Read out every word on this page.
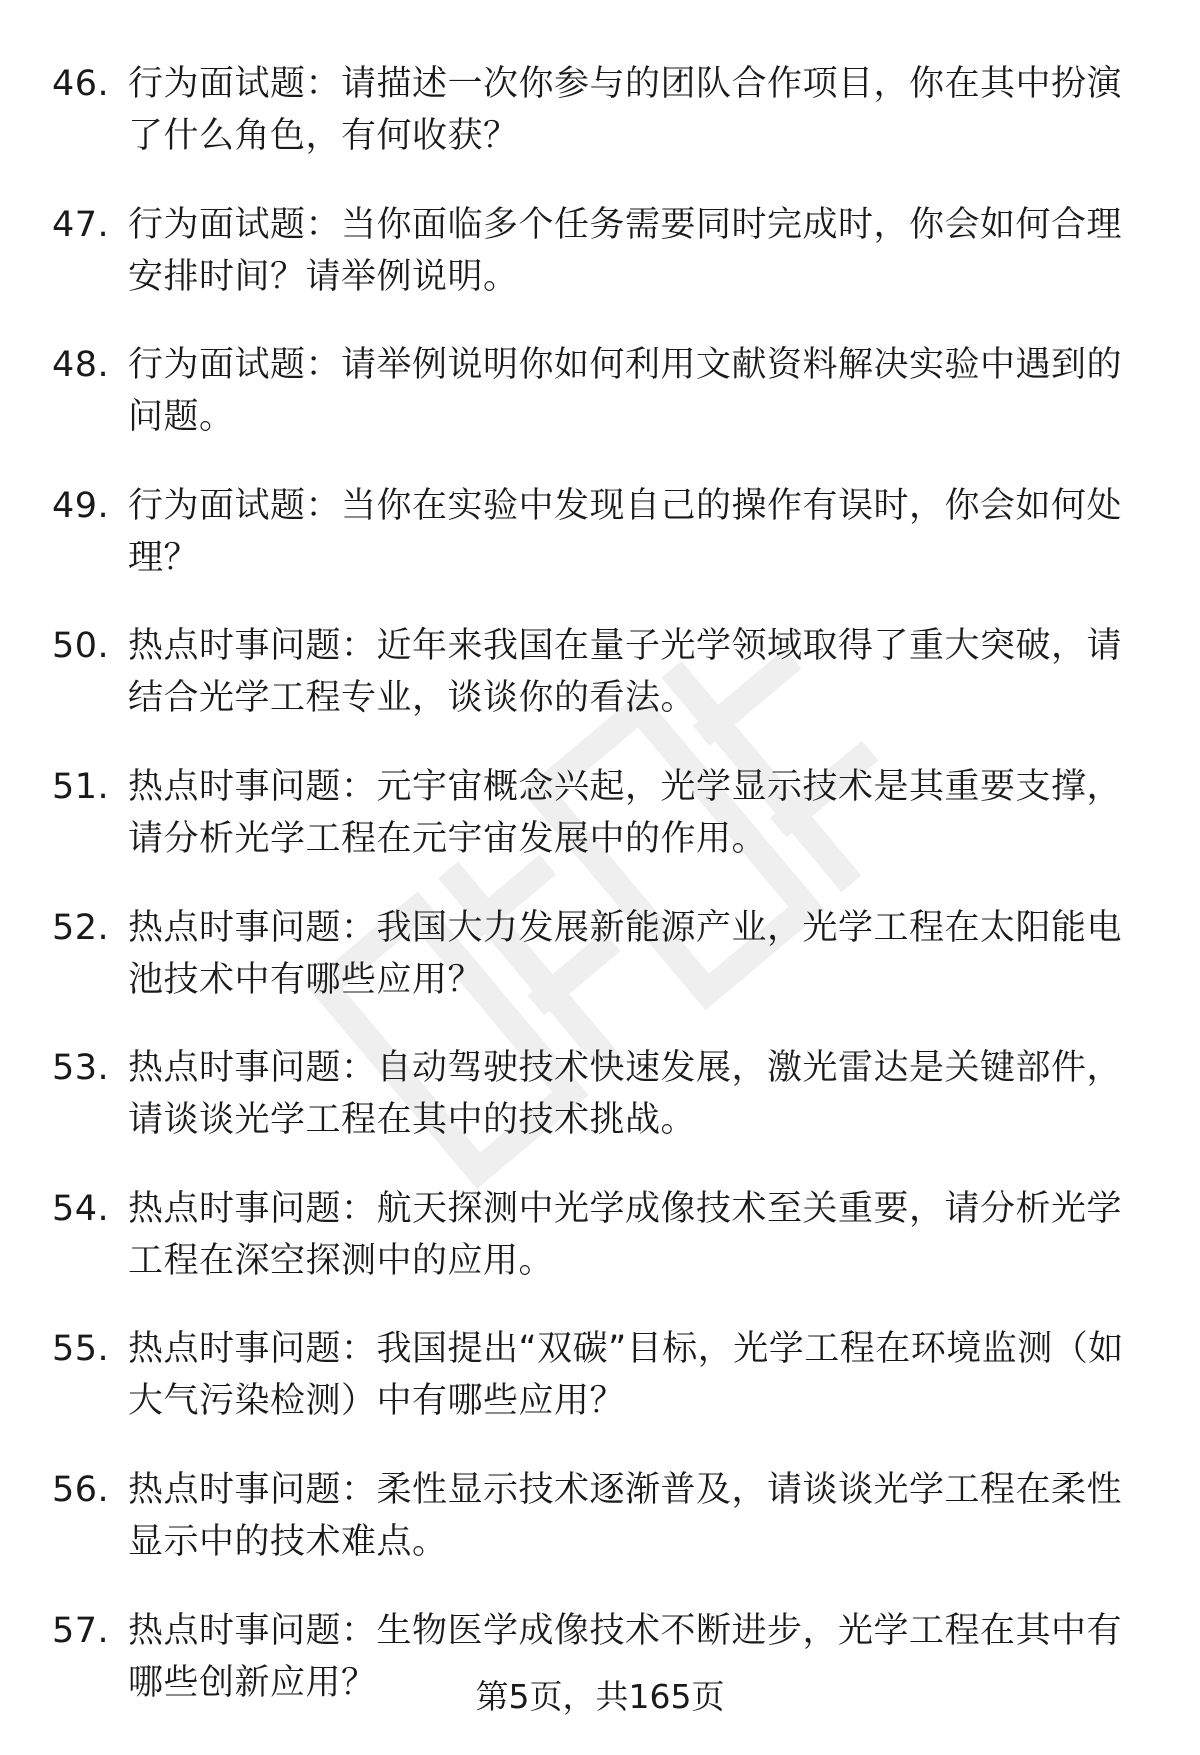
46. 行为面试题：请描述一次你参与的团队合作项目，你在其中扮演了什么角色，有何收获？
47. 行为面试题：当你面临多个任务需要同时完成时，你会如何合理安排时间？请举例说明。
48. 行为面试题：请举例说明你如何利用文献资料解决实验中遇到的问题。
49. 行为面试题：当你在实验中发现自己的操作有误时，你会如何处理？
50. 热点时事问题：近年来我国在量子光学领域取得了重大突破，请结合光学工程专业，谈谈你的看法。
51. 热点时事问题：元宇宙概念兴起，光学显示技术是其重要支撑，请分析光学工程在元宇宙发展中的作用。
52. 热点时事问题：我国大力发展新能源产业，光学工程在太阳能电池技术中有哪些应用？
53. 热点时事问题：自动驾驶技术快速发展，激光雷达是关键部件，请谈谈光学工程在其中的技术挑战。
54. 热点时事问题：航天探测中光学成像技术至关重要，请分析光学工程在深空探测中的应用。
55. 热点时事问题：我国提出“双碳”目标，光学工程在环境监测（如大气污染检测）中有哪些应用？
56. 热点时事问题：柔性显示技术逐渐普及，请谈谈光学工程在柔性显示中的技术难点。
57. 热点时事问题：生物医学成像技术不断进步，光学工程在其中有哪些创新应用？	第5页，共165页
